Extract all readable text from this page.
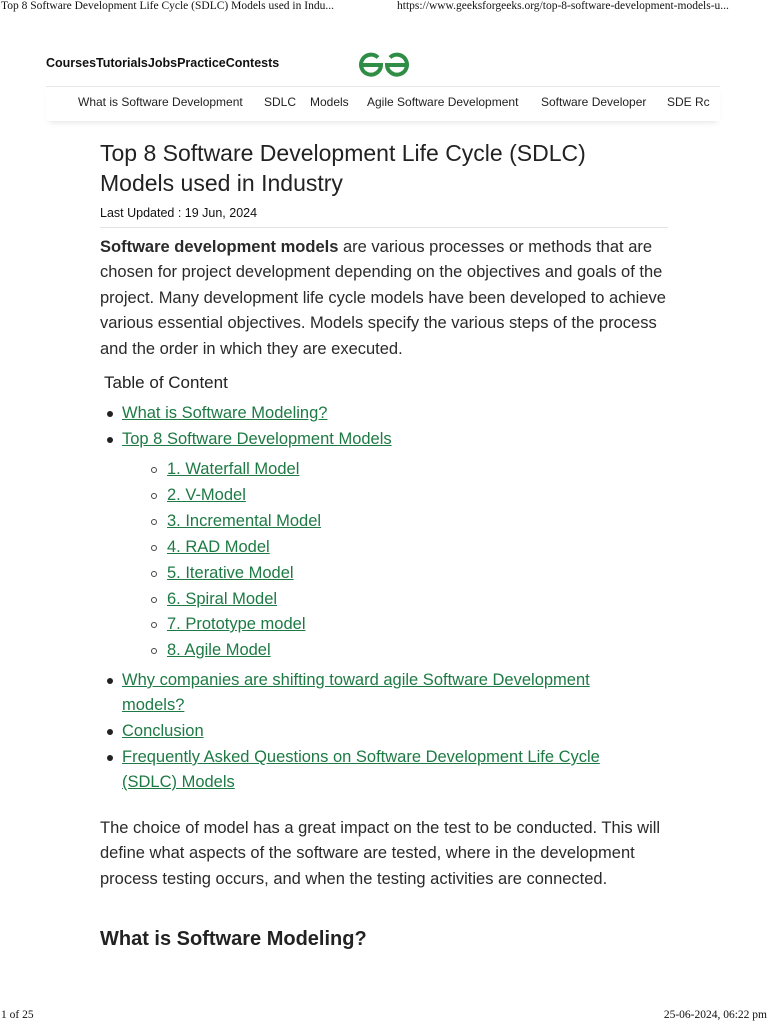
Top 8 Software Development Life Cycle (SDLC) Models used in Indu...	https://www.geeksforgeeks.org/top-8-software-development-models-u...
Courses Tutorials Jobs Practice Contests
What is Software Development SDLC Models Agile Software Development Software Developer SDE Rc
Top 8 Software Development Life Cycle (SDLC) Models used in Industry
Last Updated : 19 Jun, 2024

Software development models are various processes or methods that are chosen for project development depending on the objectives and goals of the project. Many development life cycle models have been developed to achieve various essential objectives. Models specify the various steps of the process and the order in which they are executed.

Table of Content
What is Software Modeling?
Top 8 Software Development Models
1. Waterfall Model
2. V-Model
3. Incremental Model
4. RAD Model
5. Iterative Model
6. Spiral Model
7. Prototype model
8. Agile Model
Why companies are shifting toward agile Software Development
models?
Conclusion
Frequently Asked Questions on Software Development Life Cycle
(SDLC) Models

The choice of model has a great impact on the test to be conducted. This will define what aspects of the software are tested, where in the development process testing occurs, and when the testing activities are connected.

What is Software Modeling?
1 of 25	25-06-2024, 06:22 pm
